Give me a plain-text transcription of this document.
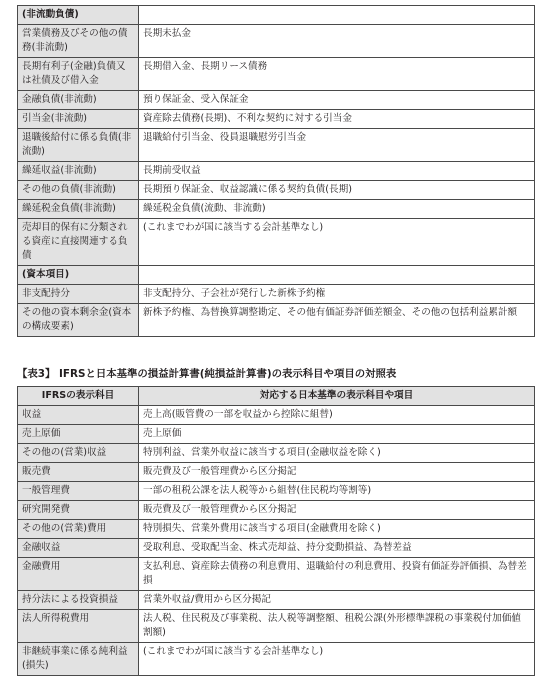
(非流動負債)	
営業債務及びその他の債務(非流動)	長期未払金
長期有利子(金融)負債又は社債及び借入金	長期借入金、長期リース債務
金融負債(非流動)	預り保証金、受入保証金
引当金(非流動)	資産除去債務(長期)、不利な契約に対する引当金
退職後給付に係る負債(非流動)	退職給付引当金、役員退職慰労引当金
繰延収益(非流動)	長期前受収益
その他の負債(非流動)	長期預り保証金、収益認識に係る契約負債(長期)
繰延税金負債(非流動)	繰延税金負債(流動、非流動)
売却目的保有に分類される資産に直接関連する負債	(これまでわが国に該当する会計基準なし)
(資本項目)	
非支配持分	非支配持分、子会社が発行した新株予約権
その他の資本剰余金(資本の構成要素)	新株予約権、為替換算調整勘定、その他有価証券評価差額金、その他の包括利益累計額
【表3】 IFRSと日本基準の損益計算書(純損益計算書)の表示科目や項目の対照表
IFRSの表示科目	対応する日本基準の表示科目や項目
収益	売上高(販管費の一部を収益から控除に組替)
売上原価	売上原価
その他の(営業)収益	特別利益、営業外収益に該当する項目(金融収益を除く)
販売費	販売費及び一般管理費から区分掲記
一般管理費	一部の租税公課を法人税等から組替(住民税均等割等)
研究開発費	販売費及び一般管理費から区分掲記
その他の(営業)費用	特別損失、営業外費用に該当する項目(金融費用を除く)
金融収益	受取利息、受取配当金、株式売却益、持分変動損益、為替差益
金融費用	支払利息、資産除去債務の利息費用、退職給付の利息費用、投資有価証券評価損、為替差損
持分法による投資損益	営業外収益/費用から区分掲記
法人所得税費用	法人税、住民税及び事業税、法人税等調整額、租税公課(外形標準課税の事業税付加価値割額)
非継続事業に係る純利益(損失)	(これまでわが国に該当する会計基準なし)
